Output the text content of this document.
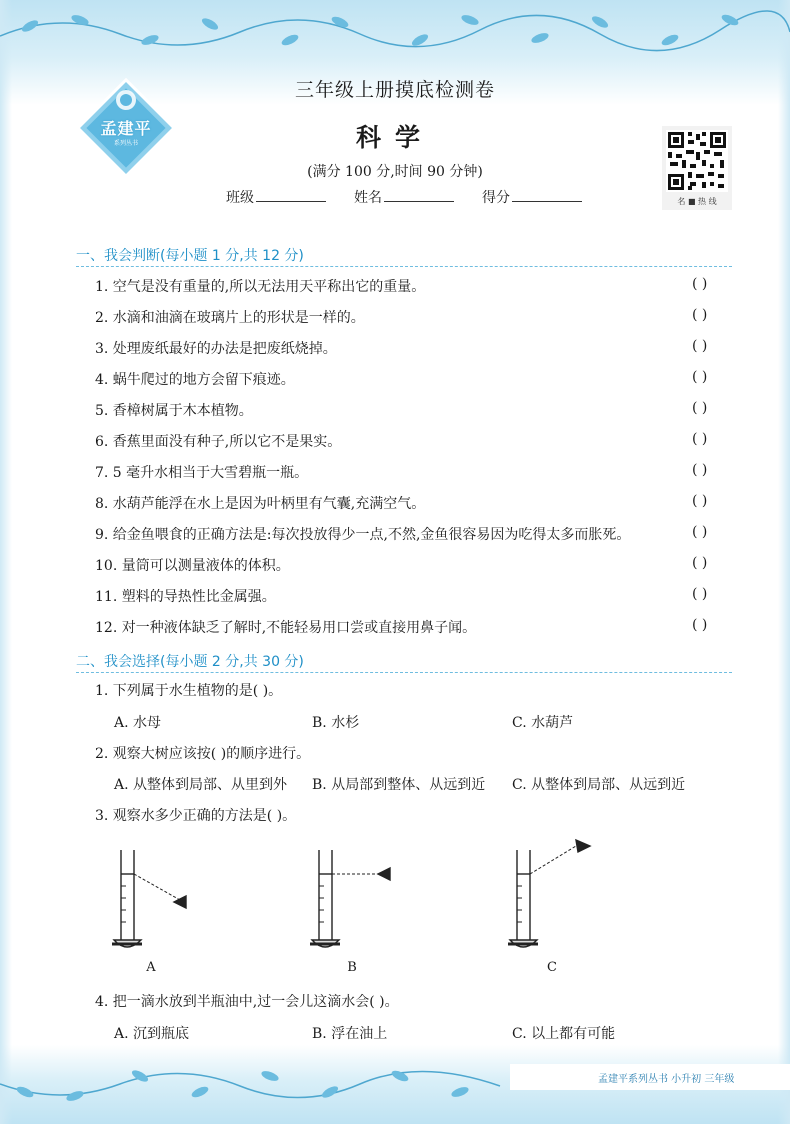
孟建平
系列丛书
三年级上册摸底检测卷
科学
(满分 100 分,时间 90 分钟)
班级	姓名	得分	名 ■ 热 线
一、我会判断(每小题 1 分,共 12 分)
1. 空气是没有重量的,所以无法用天平称出它的重量。	( )
2. 水滴和油滴在玻璃片上的形状是一样的。	( )
3. 处理废纸最好的办法是把废纸烧掉。	( )
4. 蜗牛爬过的地方会留下痕迹。	( )
5. 香樟树属于木本植物。	( )
6. 香蕉里面没有种子,所以它不是果实。	( )
7. 5 毫升水相当于大雪碧瓶一瓶。	( )
8. 水葫芦能浮在水上是因为叶柄里有气囊,充满空气。	( )
9. 给金鱼喂食的正确方法是:每次投放得少一点,不然,金鱼很容易因为吃得太多而胀死。	( )
10. 量筒可以测量液体的体积。	( )
11. 塑料的导热性比金属强。	( )
12. 对一种液体缺乏了解时,不能轻易用口尝或直接用鼻子闻。	( )
二、我会选择(每小题 2 分,共 30 分)
1. 下列属于水生植物的是( )。
A. 水母	B. 水杉	C. 水葫芦
2. 观察大树应该按( )的顺序进行。
A. 从整体到局部、从里到外 B. 从局部到整体、从远到近 C. 从整体到局部、从远到近
3. 观察水多少正确的方法是( )。
A	B	C
4. 把一滴水放到半瓶油中,过一会儿这滴水会( )。
A. 沉到瓶底	B. 浮在油上	C. 以上都有可能
孟建平系列丛书 小升初 三年级
